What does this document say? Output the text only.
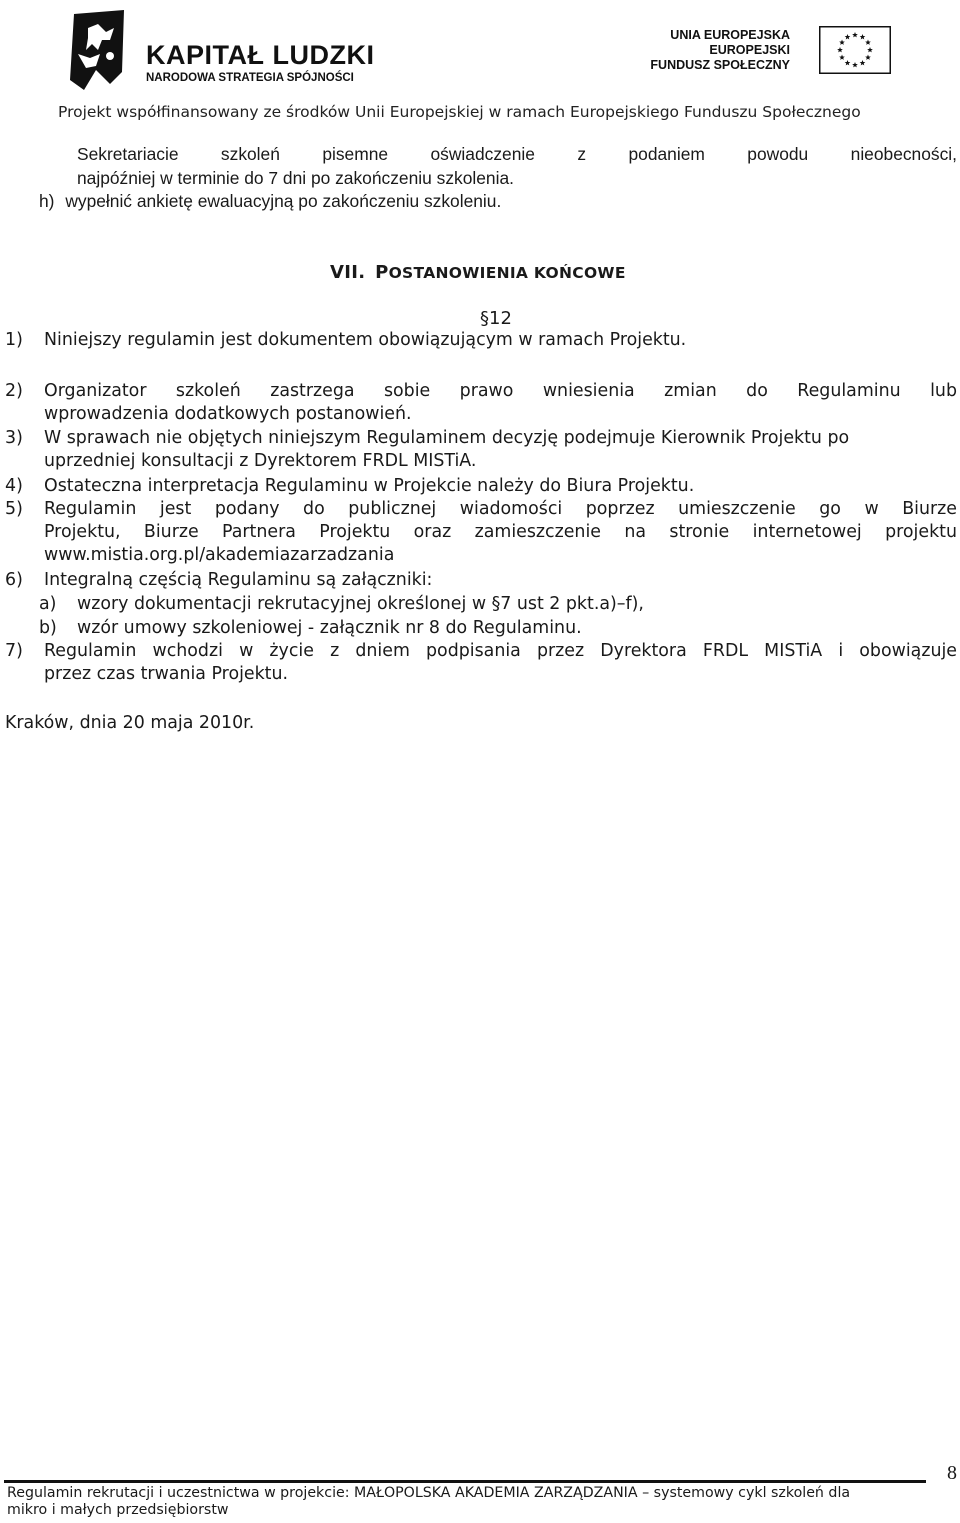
KAPITAŁ LUDZKI
NARODOWA STRATEGIA SPÓJNOŚCI
UNIA EUROPEJSKA
EUROPEJSKI
FUNDUSZ SPOŁECZNY
Projekt współfinansowany ze środków Unii Europejskiej w ramach Europejskiego Funduszu Społecznego
Sekretariacie szkoleń pisemne oświadczenie z podaniem powodu nieobecności,
najpóźniej w terminie do 7 dni po zakończeniu szkolenia.
h) wypełnić ankietę ewaluacyjną po zakończeniu szkoleniu.
VII. POSTANOWIENIA KOŃCOWE
§12
1) Niniejszy regulamin jest dokumentem obowiązującym w ramach Projektu.
2) Organizator szkoleń zastrzega sobie prawo wniesienia zmian do Regulaminu lub
wprowadzenia dodatkowych postanowień.
3) W sprawach nie objętych niniejszym Regulaminem decyzję podejmuje Kierownik Projektu po
uprzedniej konsultacji z Dyrektorem FRDL MISTiA.
4) Ostateczna interpretacja Regulaminu w Projekcie należy do Biura Projektu.
5) Regulamin jest podany do publicznej wiadomości poprzez umieszczenie go w Biurze
Projektu, Biurze Partnera Projektu oraz zamieszczenie na stronie internetowej projektu
www.mistia.org.pl/akademiazarzadzania
6) Integralną częścią Regulaminu są załączniki:
a) wzory dokumentacji rekrutacyjnej określonej w §7 ust 2 pkt.a)–f),
b) wzór umowy szkoleniowej - załącznik nr 8 do Regulaminu.
7) Regulamin wchodzi w życie z dniem podpisania przez Dyrektora FRDL MISTiA i obowiązuje
przez czas trwania Projektu.
Kraków, dnia 20 maja 2010r.
8
Regulamin rekrutacji i uczestnictwa w projekcie: MAŁOPOLSKA AKADEMIA ZARZĄDZANIA – systemowy cykl szkoleń dla
mikro i małych przedsiębiorstw
